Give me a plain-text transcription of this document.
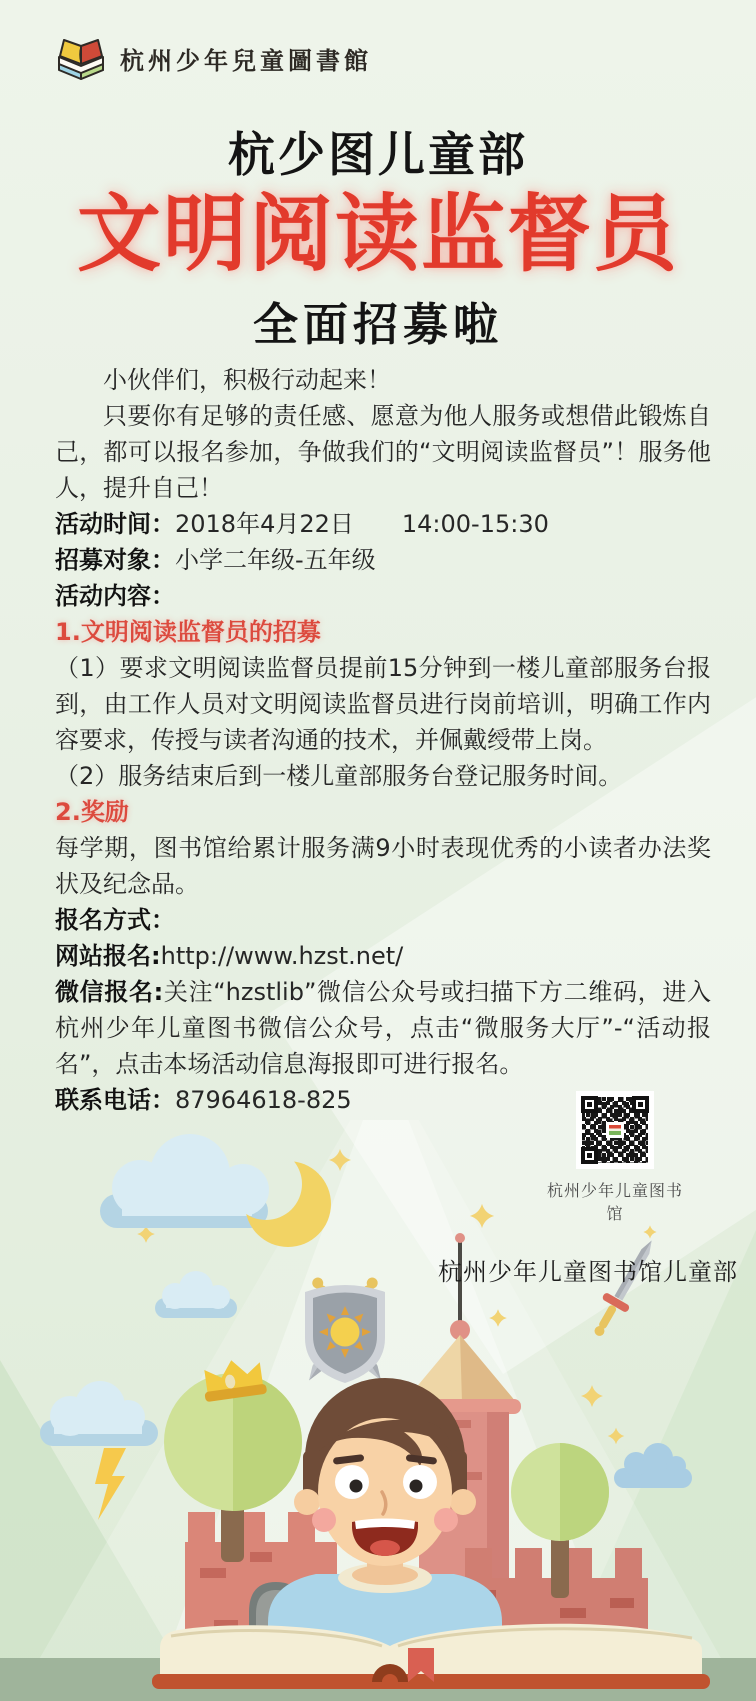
杭州少年兒童圖書館
杭少图儿童部
文明阅读监督员
全面招募啦

小伙伴们，积极行动起来！

只要你有足够的责任感、愿意为他人服务或想借此锻炼自己，都可以报名参加，争做我们的“文明阅读监督员”！服务他人，提升自己！

活动时间：2018年4月22日　　14:00-15:30

招募对象：小学二年级-五年级

活动内容：

1.文明阅读监督员的招募

（1）要求文明阅读监督员提前15分钟到一楼儿童部服务台报到，由工作人员对文明阅读监督员进行岗前培训，明确工作内容要求，传授与读者沟通的技术，并佩戴绶带上岗。

（2）服务结束后到一楼儿童部服务台登记服务时间。

2.奖励

每学期，图书馆给累计服务满9小时表现优秀的小读者办法奖状及纪念品。

报名方式：

网站报名:http://www.hzst.net/

微信报名:关注“hzstlib”微信公众号或扫描下方二维码，进入杭州少年儿童图书微信公众号，点击“微服务大厅”-“活动报名”，点击本场活动信息海报即可进行报名。

联系电话：87964618-825

杭州少年儿童图书馆
杭州少年儿童图书馆儿童部
